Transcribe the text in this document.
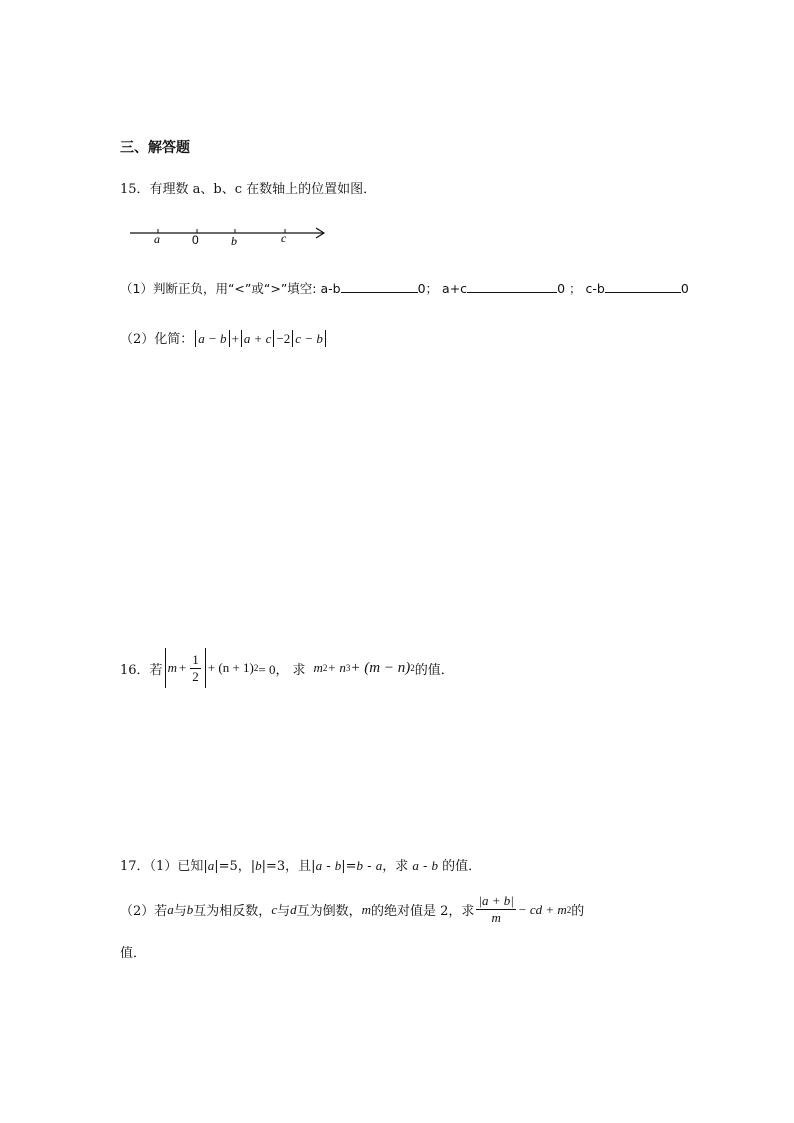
三、解答题
15．有理数 a、b、c 在数轴上的位置如图．
a	0	b	c
（1）判断正负，用“<”或“>”填空: a-b	0； a+c	0 ； c-b	0
（2）化简： a − b + a + c −2 c − b
16． 若 $m + \frac{1}{2} + (n + 1) 2 = 0$， 求 m 2 + n 3 + (m − n) 2 的值．
17．（1）已知|a|=5，|b|=3，且|a - b|=b - a，求 a - b 的值．
（2）若 a 与 b 互为相反数， c 与 d 互为倒数， m 的绝对值是 2，求 $\frac{|a + b|}{m}$ − cd + m 2 的
值．
